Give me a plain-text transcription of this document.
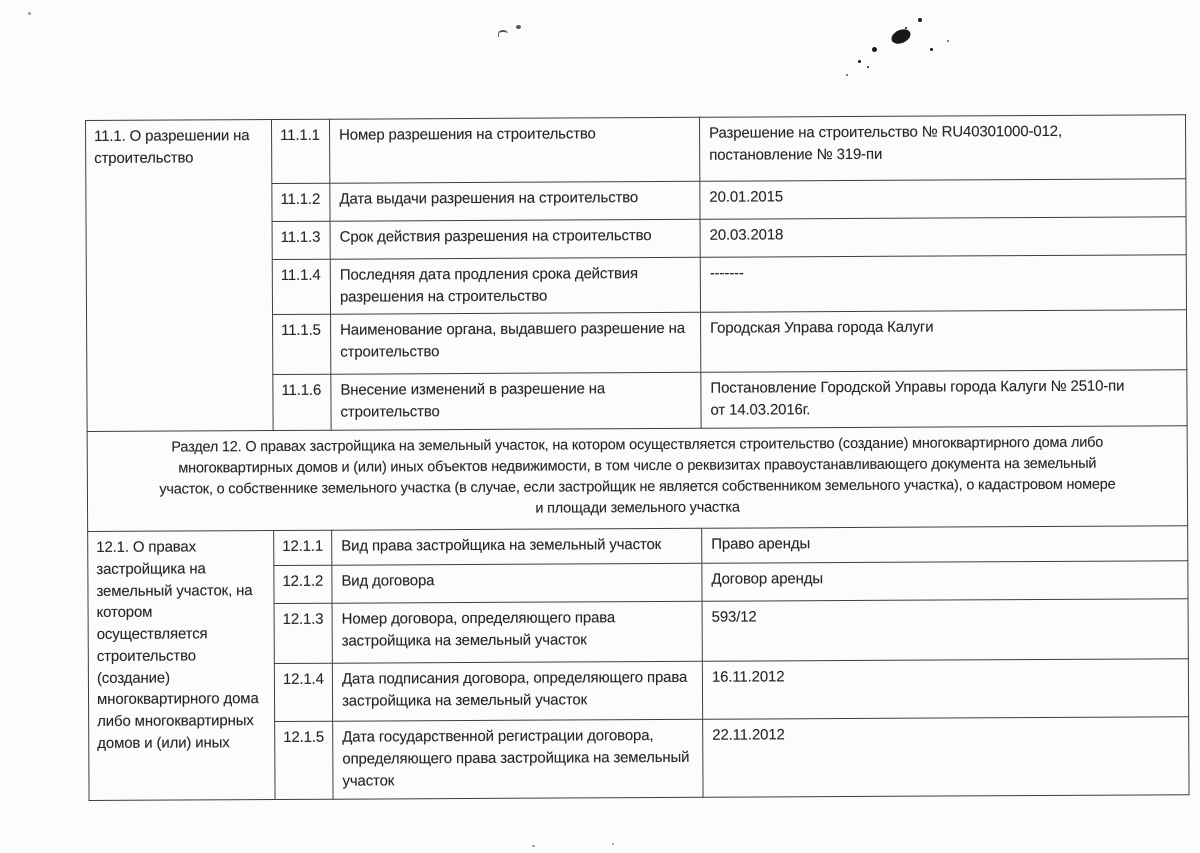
11.1. О разрешении на строительство	11.1.1	Номер разрешения на строительство	Разрешение на строительство № RU40301000-012,
постановление № 319-пи
	11.1.2	Дата выдачи разрешения на строительство	20.01.2015
	11.1.3	Срок действия разрешения на строительство	20.03.2018
	11.1.4	Последняя дата продления срока действия разрешения на строительство	-------
	11.1.5	Наименование органа, выдавшего разрешение на строительство	Городская Управа города Калуги
	11.1.6	Внесение изменений в разрешение на строительство	Постановление Городской Управы города Калуги № 2510-пи
от 14.03.2016г.
Раздел 12. О правах застройщика на земельный участок, на котором осуществляется строительство (создание) многоквартирного дома либо
многоквартирных домов и (или) иных объектов недвижимости, в том числе о реквизитах правоустанавливающего документа на земельный
участок, о собственнике земельного участка (в случае, если застройщик не является собственником земельного участка), о кадастровом номере
и площади земельного участка			
12.1. О правах застройщика на земельный участок, на котором осуществляется строительство (создание) многоквартирного дома либо многоквартирных домов и (или) иных	12.1.1	Вид права застройщика на земельный участок	Право аренды
	12.1.2	Вид договора	Договор аренды
	12.1.3	Номер договора, определяющего права застройщика на земельный участок	593/12
	12.1.4	Дата подписания договора, определяющего права застройщика на земельный участок	16.11.2012
	12.1.5	Дата государственной регистрации договора, определяющего права застройщика на земельный участок	22.11.2012
